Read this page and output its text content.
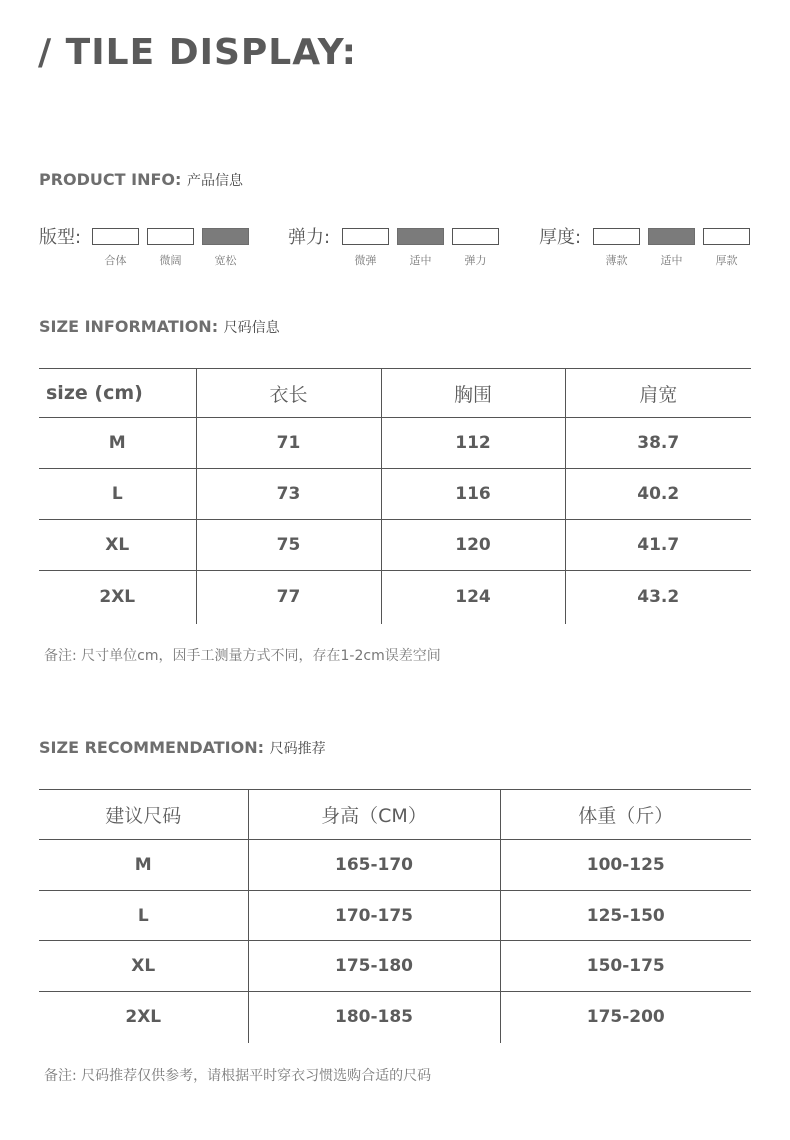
/ TILE DISPLAY:
PRODUCT INFO: 产品信息
版型:
合体	微阔	宽松
弹力:
微弹	适中	弹力
厚度:
薄款	适中	厚款
SIZE INFORMATION: 尺码信息
size (cm)	衣长	胸围	肩宽
M	71	112	38.7
L	73	116	40.2
XL	75	120	41.7
2XL	77	124	43.2
备注: 尺寸单位cm，因手工测量方式不同，存在1-2cm误差空间
SIZE RECOMMENDATION: 尺码推荐
建议尺码	身高（CM）	体重（斤）
M	165-170	100-125
L	170-175	125-150
XL	175-180	150-175
2XL	180-185	175-200
备注: 尺码推荐仅供参考，请根据平时穿衣习惯选购合适的尺码
